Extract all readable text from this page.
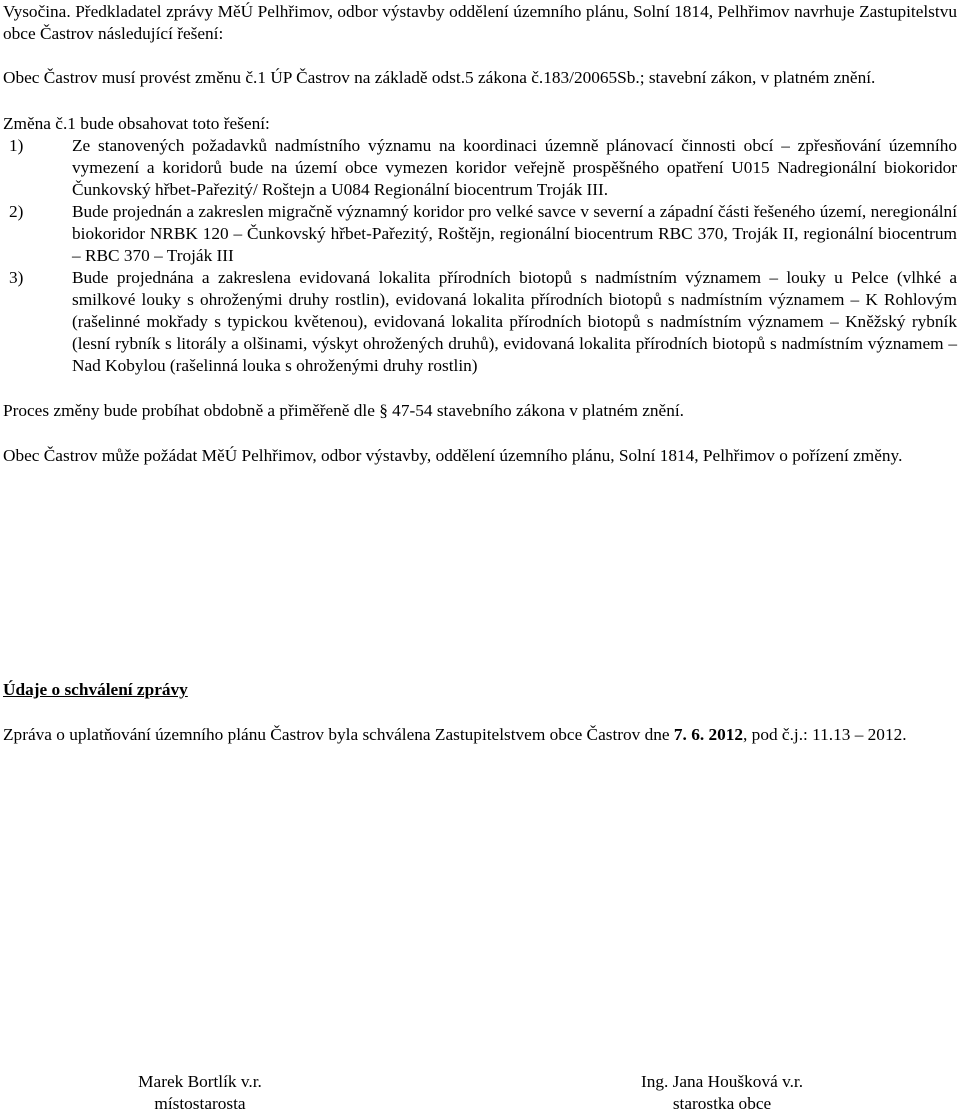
Vysočina. Předkladatel zprávy MěÚ Pelhřimov, odbor výstavby oddělení územního plánu, Solní 1814, Pelhřimov navrhuje Zastupitelstvu obce Častrov následující řešení:

Obec Častrov musí provést změnu č.1 ÚP Častrov na základě odst.5 zákona č.183/20065Sb.; stavební zákon, v platném znění.

Změna č.1 bude obsahovat toto řešení:

1)	Ze stanovených požadavků nadmístního významu na koordinaci územně plánovací činnosti obcí – zpřesňování územního vymezení a koridorů bude na území obce vymezen koridor veřejně prospěšného opatření U015 Nadregionální biokoridor Čunkovský hřbet-Pařezitý/ Roštejn a U084 Regionální biocentrum Troják III.
2)	Bude projednán a zakreslen migračně významný koridor pro velké savce v severní a západní části řešeného území, neregionální biokoridor NRBK 120 – Čunkovský hřbet-Pařezitý, Roštějn, regionální biocentrum RBC 370, Troják II, regionální biocentrum – RBC 370 – Troják III
3)	Bude projednána a zakreslena evidovaná lokalita přírodních biotopů s nadmístním významem – louky u Pelce (vlhké a smilkové louky s ohroženými druhy rostlin), evidovaná lokalita přírodních biotopů s nadmístním významem – K Rohlovým (rašelinné mokřady s typickou květenou), evidovaná lokalita přírodních biotopů s nadmístním významem – Kněžský rybník (lesní rybník s litorály a olšinami, výskyt ohrožených druhů), evidovaná lokalita přírodních biotopů s nadmístním významem – Nad Kobylou (rašelinná louka s ohroženými druhy rostlin)

Proces změny bude probíhat obdobně a přiměřeně dle § 47-54 stavebního zákona v platném znění.

Obec Častrov může požádat MěÚ Pelhřimov, odbor výstavby, oddělení územního plánu, Solní 1814, Pelhřimov o pořízení změny.

Údaje o schválení zprávy

Zpráva o uplatňování územního plánu Častrov byla schválena Zastupitelstvem obce Častrov dne 7. 6. 2012, pod č.j.: 11.13 – 2012.

Marek Bortlík v.r.
místostarosta
Ing. Jana Houšková v.r.
starostka obce
